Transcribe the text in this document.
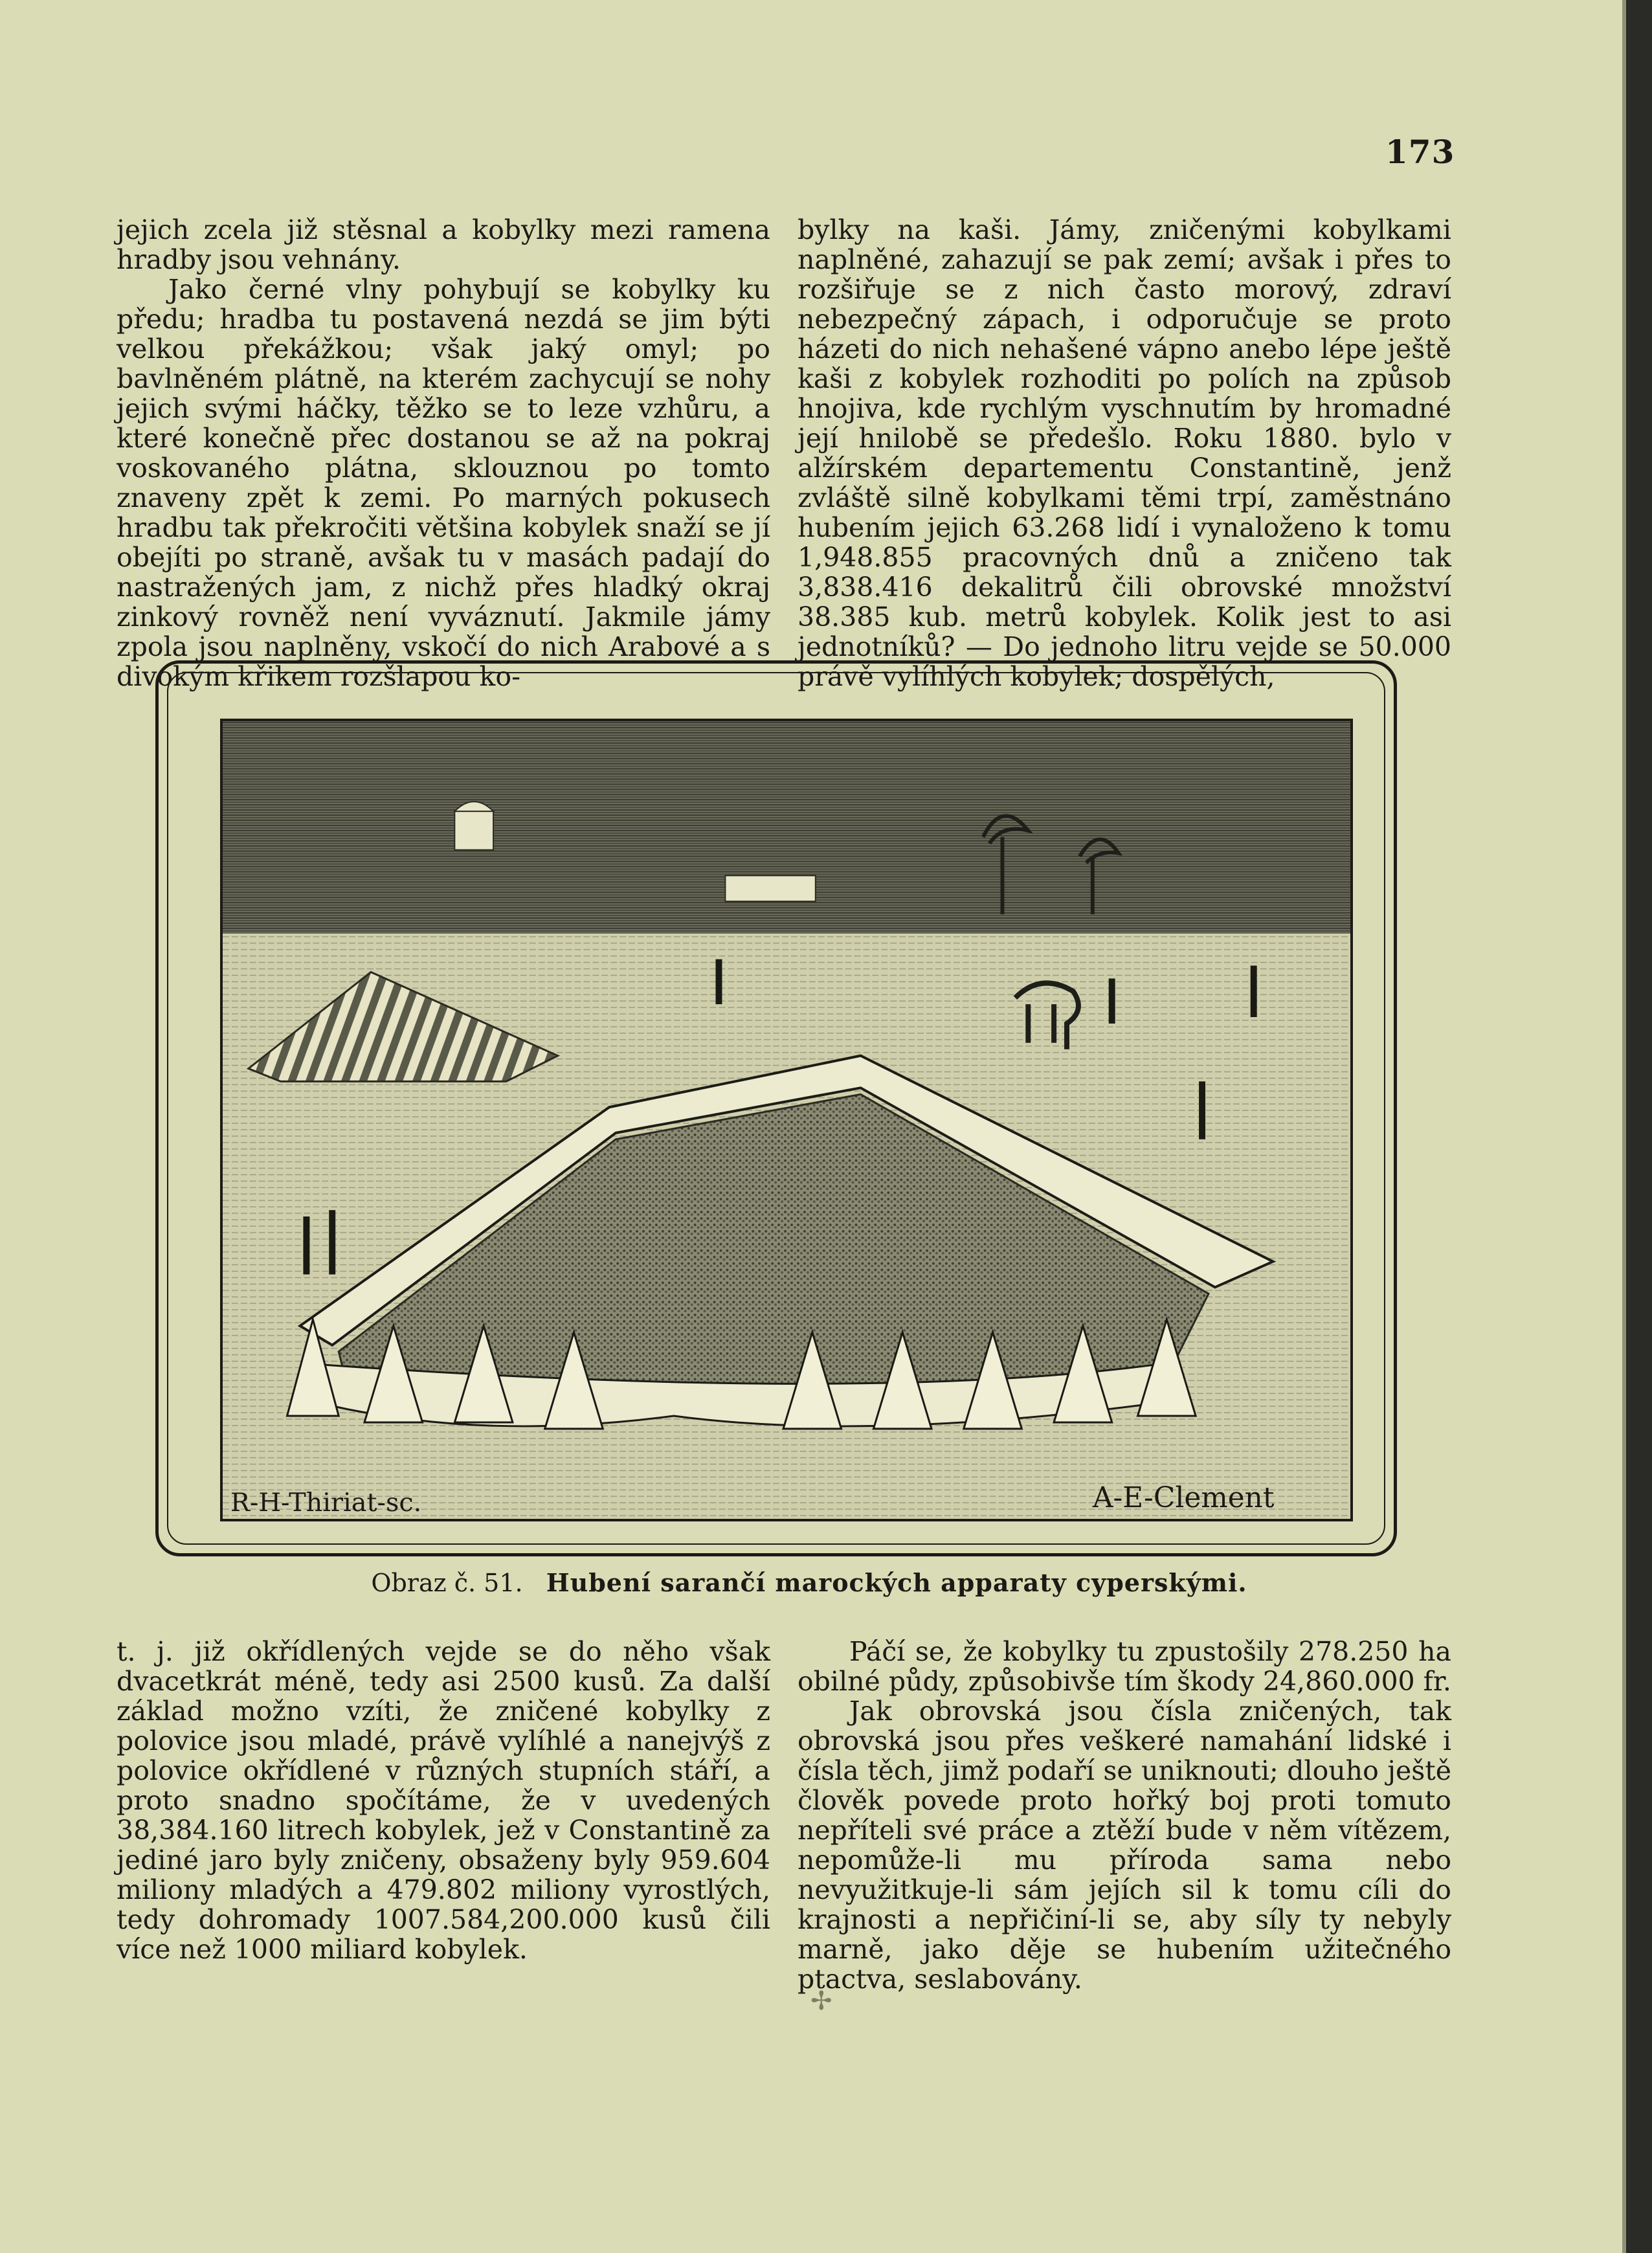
173

jejich zcela již stěsnal a kobylky mezi ramena hradby jsou vehnány.

Jako černé vlny pohybují se kobylky ku předu; hradba tu postavená nezdá se jim býti velkou překážkou; však jaký omyl; po bavlněném plátně, na kterém zachycují se nohy jejich svými háčky, těžko se to leze vzhůru, a které konečně přec dostanou se až na pokraj voskovaného plátna, sklouznou po tomto znaveny zpět k zemi. Po marných pokusech hradbu tak překročiti většina kobylek snaží se jí obejíti po straně, avšak tu v masách padají do nastražených jam, z nichž přes hladký okraj zinkový rovněž není vyváznutí. Jakmile jámy zpola jsou naplněny, vskočí do nich Arabové a s divokým křikem rozšlapou ko-

bylky na kaši. Jámy, zničenými kobylkami naplněné, zahazují se pak zemí; avšak i přes to rozšiřuje se z nich často morový, zdraví nebezpečný zápach, i odporučuje se proto házeti do nich nehašené vápno anebo lépe ještě kaši z kobylek rozhoditi po polích na způsob hnojiva, kde rychlým vyschnutím by hromadné její hnilobě se předešlo. Roku 1880. bylo v alžírském departementu Constantině, jenž zvláště silně kobylkami těmi trpí, zaměstnáno hubením jejich 63.268 lidí i vynaloženo k tomu 1,948.855 pracovných dnů a zničeno tak 3,838.416 dekalitrů čili obrovské množství 38.385 kub. metrů kobylek. Kolik jest to asi jednotníků? — Do jednoho litru vejde se 50.000 právě vylíhlých kobylek; dospělých,

R-H-Thiriat-sc.	A-E-Clement
Obraz č. 51. Hubení sarančí marockých apparaty cyperskými.

t. j. již okřídlených vejde se do něho však dvacetkrát méně, tedy asi 2500 kusů. Za další základ možno vzíti, že zničené kobylky z polovice jsou mladé, právě vylíhlé a nanejvýš z polovice okřídlené v různých stupních stáří, a proto snadno spočítáme, že v uvedených 38,384.160 litrech kobylek, jež v Constantině za jediné jaro byly zničeny, obsaženy byly 959.604 miliony mladých a 479.802 miliony vyrostlých, tedy dohromady 1007.584,200.000 kusů čili více než 1000 miliard kobylek.

Páčí se, že kobylky tu zpustošily 278.250 ha obilné půdy, způsobivše tím škody 24,860.000 fr.

Jak obrovská jsou čísla zničených, tak obrovská jsou přes veškeré namahání lidské i čísla těch, jimž podaří se uniknouti; dlouho ještě člověk povede proto hořký boj proti tomuto nepříteli své práce a ztěží bude v něm vítězem, nepomůže-li mu příroda sama nebo nevyužitkuje-li sám jejích sil k tomu cíli do krajnosti a nepřičiní-li se, aby síly ty nebyly marně, jako děje se hubením užitečného ptactva, seslabovány.

✢
